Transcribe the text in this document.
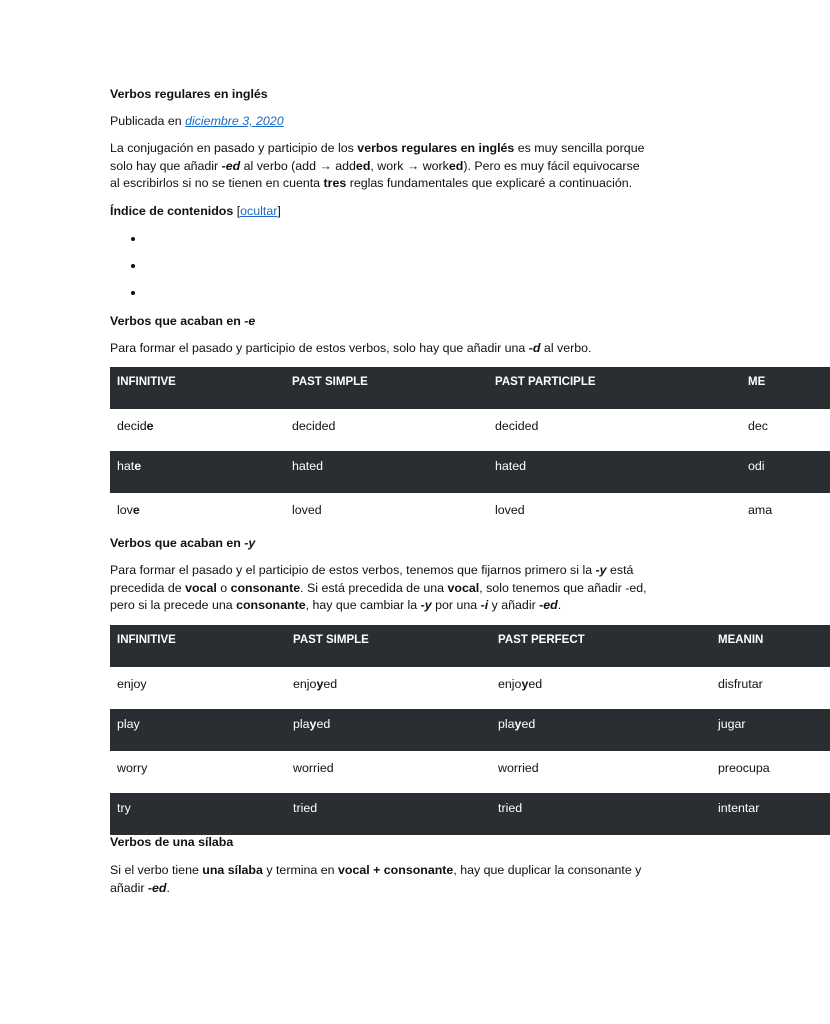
Verbos regulares en inglés
Publicada en diciembre 3, 2020
La conjugación en pasado y participio de los verbos regulares en inglés es muy sencilla porque
solo hay que añadir -ed al verbo (add → added, work → worked). Pero es muy fácil equivocarse
al escribirlos si no se tienen en cuenta tres reglas fundamentales que explicaré a continuación.
Índice de contenidos [ocultar]
Verbos que acaban en -e
Para formar el pasado y participio de estos verbos, solo hay que añadir una -d al verbo.
INFINITIVE	PAST SIMPLE	PAST PARTICIPLE	ME
decide	decided	decided	dec
hate	hated	hated	odi
love	loved	loved	ama
Verbos que acaban en -y
Para formar el pasado y el participio de estos verbos, tenemos que fijarnos primero si la -y está
precedida de vocal o consonante. Si está precedida de una vocal, solo tenemos que añadir -ed,
pero si la precede una consonante, hay que cambiar la -y por una -i y añadir -ed.
INFINITIVE	PAST SIMPLE	PAST PERFECT	MEANIN
enjoy	enjoyed	enjoyed	disfrutar
play	played	played	jugar
worry	worried	worried	preocupa
try	tried	tried	intentar
Verbos de una sílaba
Si el verbo tiene una sílaba y termina en vocal + consonante, hay que duplicar la consonante y
añadir -ed.
